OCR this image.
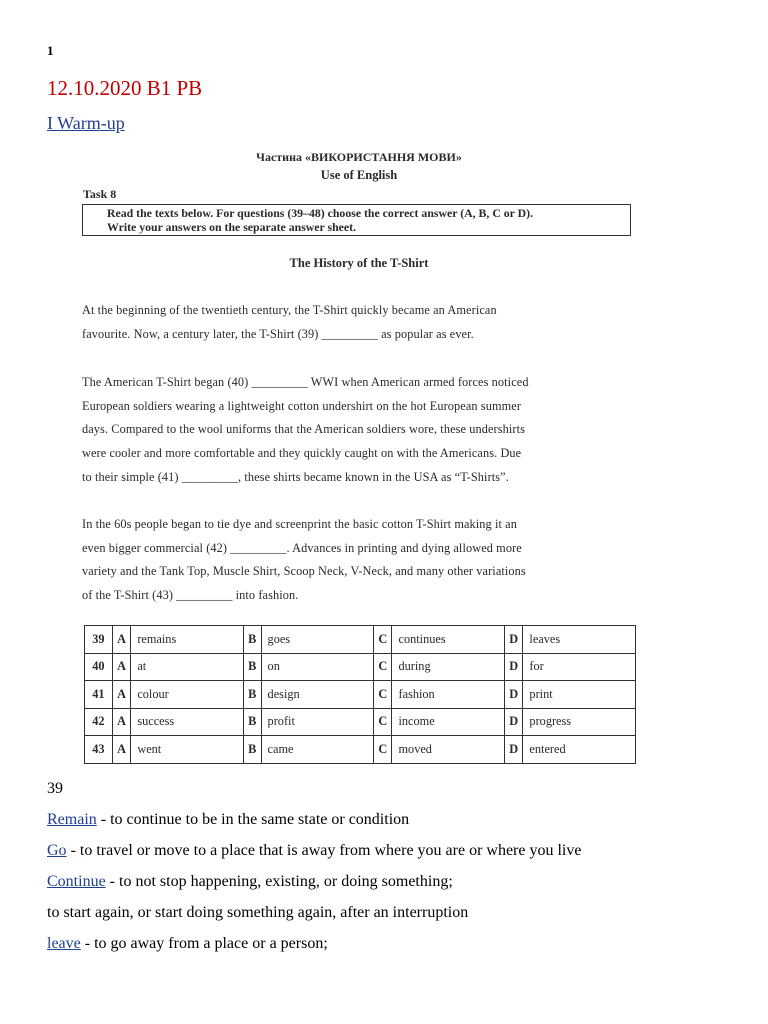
1
12.10.2020 B1 PB
I Warm-up
Частина «ВИКОРИСТАННЯ МОВИ»
Use of English
Task 8
Read the texts below. For questions (39–48) choose the correct answer (A, B, C or D).
Write your answers on the separate answer sheet.
The History of the T-Shirt
At the beginning of the twentieth century, the T-Shirt quickly became an American
favourite. Now, a century later, the T-Shirt (39) _________ as popular as ever.
The American T-Shirt began (40) _________ WWI when American armed forces noticed
European soldiers wearing a lightweight cotton undershirt on the hot European summer
days. Compared to the wool uniforms that the American soldiers wore, these undershirts
were cooler and more comfortable and they quickly caught on with the Americans. Due
to their simple (41) _________, these shirts became known in the USA as “T-Shirts”.
In the 60s people began to tie dye and screenprint the basic cotton T-Shirt making it an
even bigger commercial (42) _________. Advances in printing and dying allowed more
variety and the Tank Top, Muscle Shirt, Scoop Neck, V-Neck, and many other variations
of the T-Shirt (43) _________ into fashion.
39	A	remains	B	goes	C	continues	D	leaves
40	A	at	B	on	C	during	D	for
41	A	colour	B	design	C	fashion	D	print
42	A	success	B	profit	C	income	D	progress
43	A	went	B	came	C	moved	D	entered
39
Remain - to continue to be in the same state or condition
Go - to travel or move to a place that is away from where you are or where you live
Continue - to not stop happening, existing, or doing something;
to start again, or start doing something again, after an interruption
leave - to go away from a place or a person;
